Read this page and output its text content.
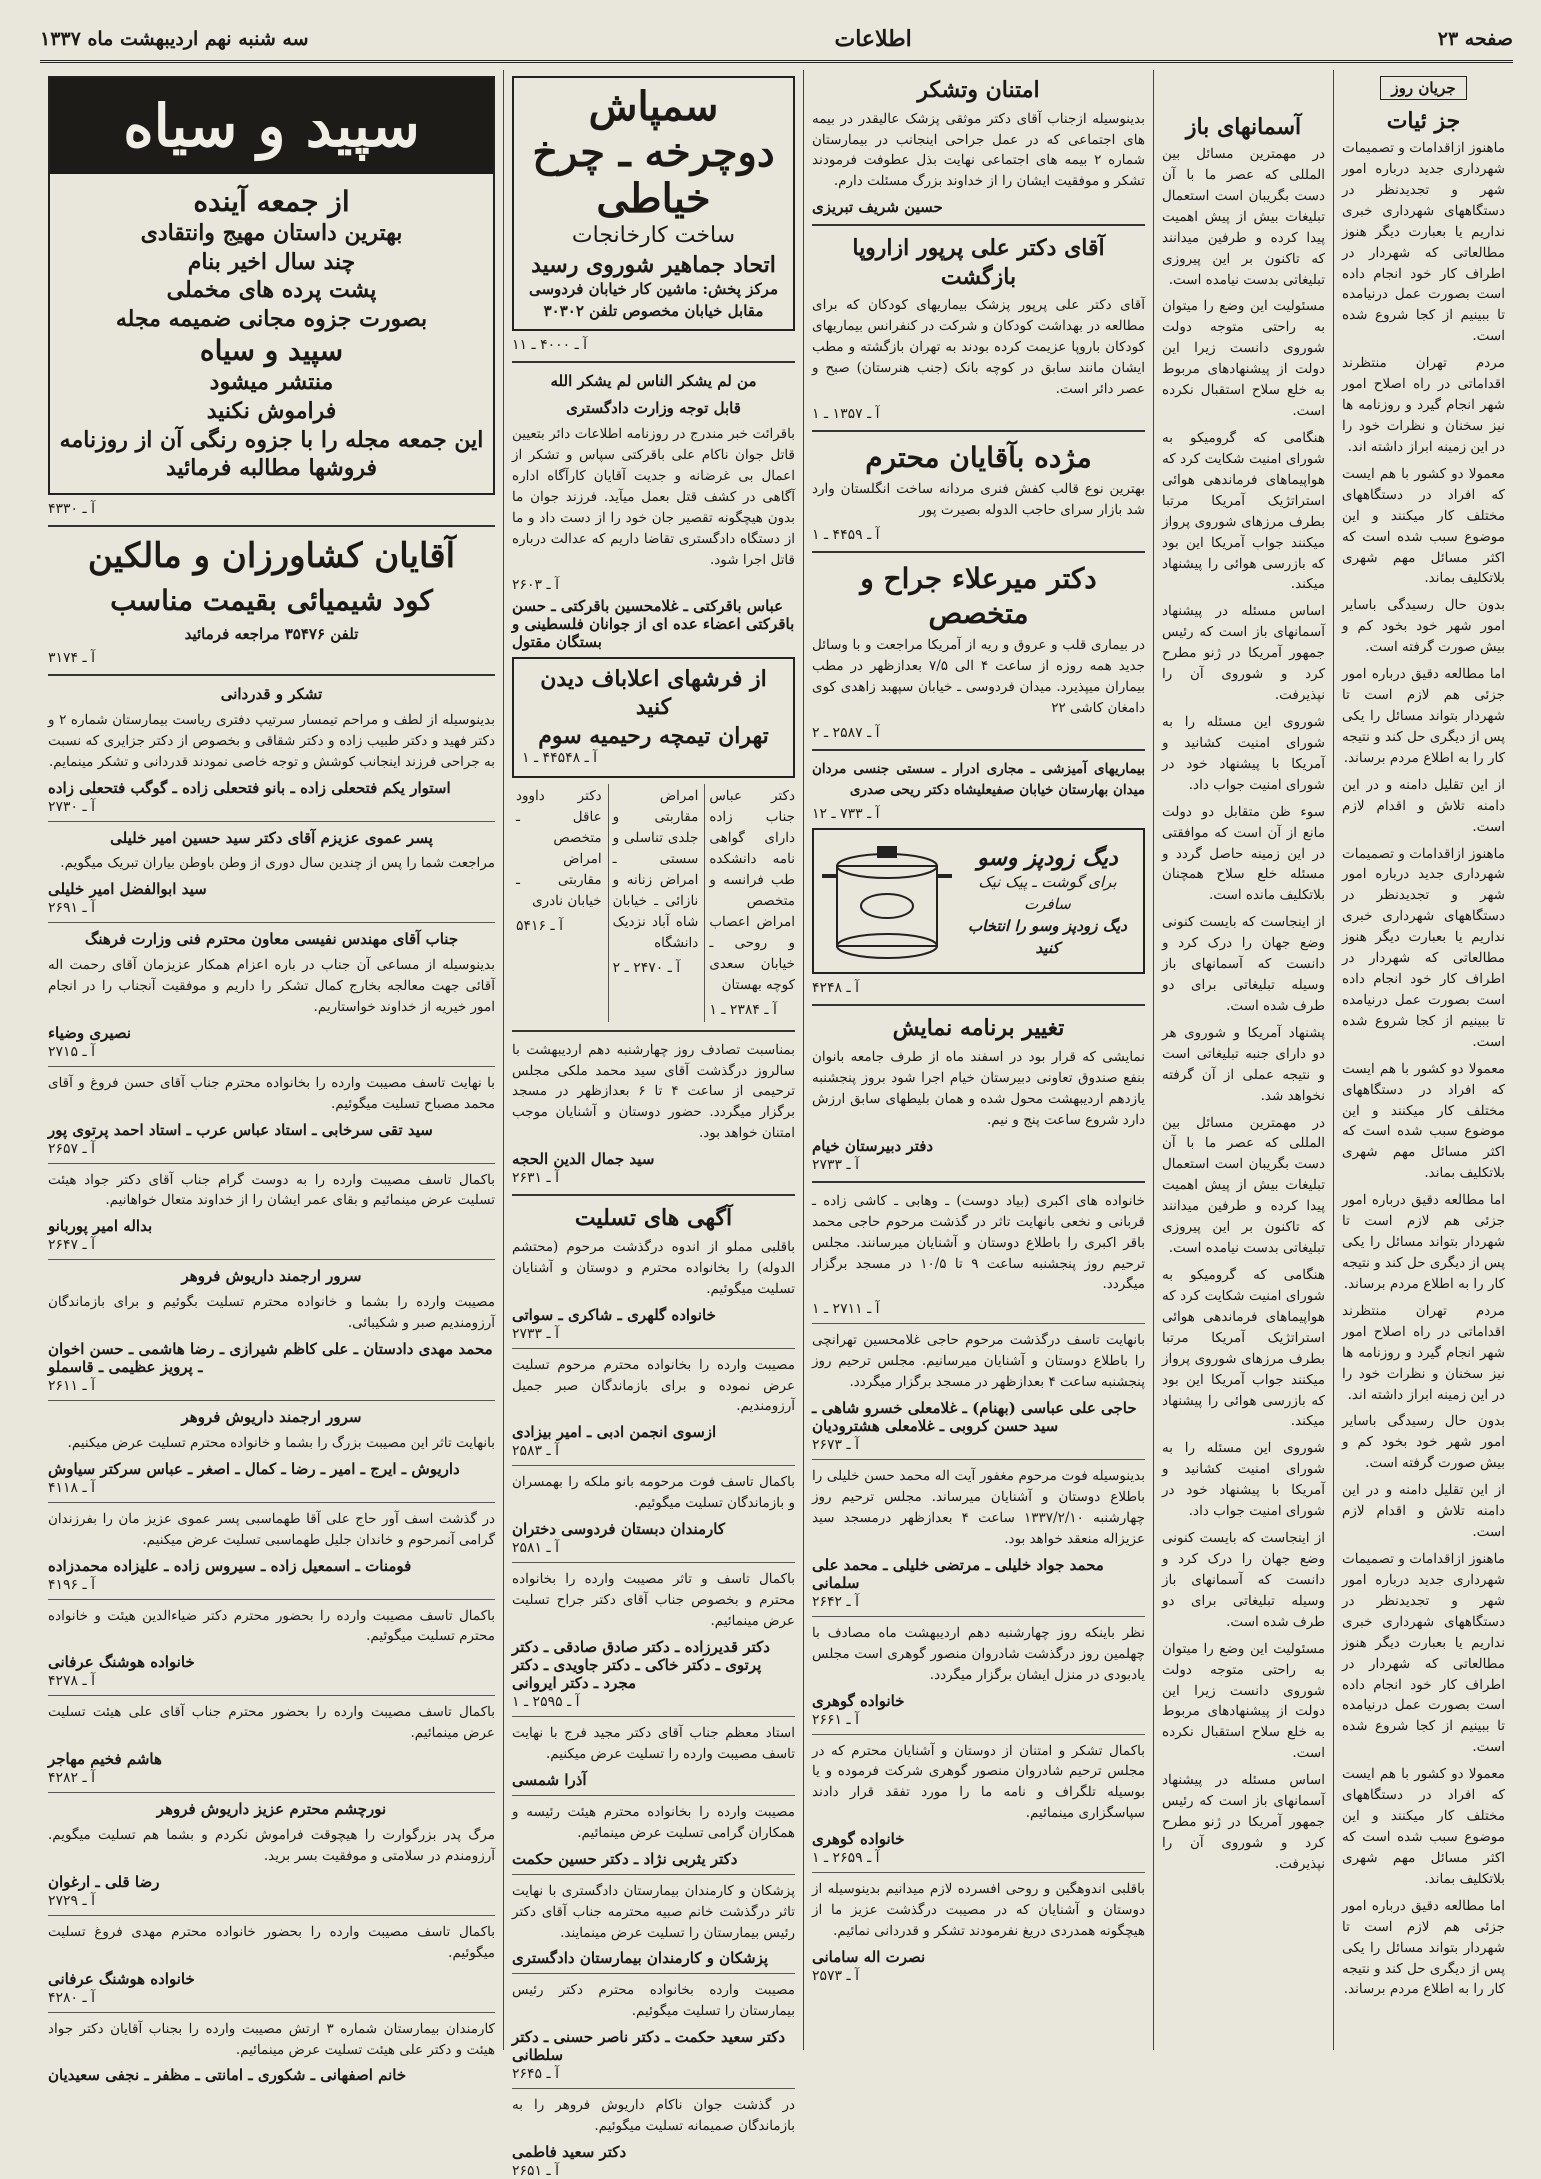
صفحه ۲۳
اطلاعات
سه شنبه نهم اردیبهشت ماه ۱۳۳۷
جریان روز
جز ئیات

ماهنوز ازاقدامات و تصمیمات شهرداری جدید درباره امور شهر و تجدیدنظر در دستگاههای شهرداری خبری نداریم یا بعبارت دیگر هنوز مطالعاتی که شهردار در اطراف کار خود انجام داده است بصورت عمل درنیامده تا ببینیم از کجا شروع شده است.

مردم تهران منتظرند اقداماتی در راه اصلاح امور شهر انجام گیرد و روزنامه ها نیز سخنان و نظرات خود را در این زمینه ابراز داشته اند.

معمولا دو کشور با هم ایست که افراد در دستگاههای مختلف کار میکنند و این موضوع سبب شده است که اکثر مسائل مهم شهری بلاتکلیف بماند.

بدون حال رسیدگی باسایر امور شهر خود بخود کم و بیش صورت گرفته است.

اما مطالعه دقیق درباره امور جزئی هم لازم است تا شهردار بتواند مسائل را یکی پس از دیگری حل کند و نتیجه کار را به اطلاع مردم برساند.

از این تقلیل دامنه و در این دامنه تلاش و اقدام لازم است.

ماهنوز ازاقدامات و تصمیمات شهرداری جدید درباره امور شهر و تجدیدنظر در دستگاههای شهرداری خبری نداریم یا بعبارت دیگر هنوز مطالعاتی که شهردار در اطراف کار خود انجام داده است بصورت عمل درنیامده تا ببینیم از کجا شروع شده است.

معمولا دو کشور با هم ایست که افراد در دستگاههای مختلف کار میکنند و این موضوع سبب شده است که اکثر مسائل مهم شهری بلاتکلیف بماند.

اما مطالعه دقیق درباره امور جزئی هم لازم است تا شهردار بتواند مسائل را یکی پس از دیگری حل کند و نتیجه کار را به اطلاع مردم برساند.

مردم تهران منتظرند اقداماتی در راه اصلاح امور شهر انجام گیرد و روزنامه ها نیز سخنان و نظرات خود را در این زمینه ابراز داشته اند.

بدون حال رسیدگی باسایر امور شهر خود بخود کم و بیش صورت گرفته است.

از این تقلیل دامنه و در این دامنه تلاش و اقدام لازم است.

ماهنوز ازاقدامات و تصمیمات شهرداری جدید درباره امور شهر و تجدیدنظر در دستگاههای شهرداری خبری نداریم یا بعبارت دیگر هنوز مطالعاتی که شهردار در اطراف کار خود انجام داده است بصورت عمل درنیامده تا ببینیم از کجا شروع شده است.

معمولا دو کشور با هم ایست که افراد در دستگاههای مختلف کار میکنند و این موضوع سبب شده است که اکثر مسائل مهم شهری بلاتکلیف بماند.

اما مطالعه دقیق درباره امور جزئی هم لازم است تا شهردار بتواند مسائل را یکی پس از دیگری حل کند و نتیجه کار را به اطلاع مردم برساند.

آسمانهای باز

در مهمترین مسائل بین المللی که عصر ما با آن دست بگریبان است استعمال تبلیغات بیش از پیش اهمیت پیدا کرده و طرفین میدانند که تاکنون بر این پیروزی تبلیغاتی بدست نیامده است.

مسئولیت این وضع را میتوان به راحتی متوجه دولت شوروی دانست زیرا این دولت از پیشنهادهای مربوط به خلع سلاح استقبال نکرده است.

هنگامی که گرومیکو به شورای امنیت شکایت کرد که هواپیماهای فرماندهی هوائی استراتژیک آمریکا مرتبا بطرف مرزهای شوروی پرواز میکنند جواب آمریکا این بود که بازرسی هوائی را پیشنهاد میکند.

اساس مسئله در پیشنهاد آسمانهای باز است که رئیس جمهور آمریکا در ژنو مطرح کرد و شوروی آن را نپذیرفت.

شوروی این مسئله را به شورای امنیت کشانید و آمریکا با پیشنهاد خود در شورای امنیت جواب داد.

سوء ظن متقابل دو دولت مانع از آن است که موافقتی در این زمینه حاصل گردد و مسئله خلع سلاح همچنان بلاتکلیف مانده است.

از اینجاست که بایست کنونی وضع جهان را درک کرد و دانست که آسمانهای باز وسیله تبلیغاتی برای دو طرف شده است.

پشنهاد آمریکا و شوروی هر دو دارای جنبه تبلیغاتی است و نتیجه عملی از آن گرفته نخواهد شد.

در مهمترین مسائل بین المللی که عصر ما با آن دست بگریبان است استعمال تبلیغات بیش از پیش اهمیت پیدا کرده و طرفین میدانند که تاکنون بر این پیروزی تبلیغاتی بدست نیامده است.

هنگامی که گرومیکو به شورای امنیت شکایت کرد که هواپیماهای فرماندهی هوائی استراتژیک آمریکا مرتبا بطرف مرزهای شوروی پرواز میکنند جواب آمریکا این بود که بازرسی هوائی را پیشنهاد میکند.

شوروی این مسئله را به شورای امنیت کشانید و آمریکا با پیشنهاد خود در شورای امنیت جواب داد.

از اینجاست که بایست کنونی وضع جهان را درک کرد و دانست که آسمانهای باز وسیله تبلیغاتی برای دو طرف شده است.

مسئولیت این وضع را میتوان به راحتی متوجه دولت شوروی دانست زیرا این دولت از پیشنهادهای مربوط به خلع سلاح استقبال نکرده است.

اساس مسئله در پیشنهاد آسمانهای باز است که رئیس جمهور آمریکا در ژنو مطرح کرد و شوروی آن را نپذیرفت.

امتنان وتشکر

بدینوسیله ازجناب آقای دکتر موثقی پزشک عالیقدر در بیمه های اجتماعی که در عمل جراحی اینجانب در بیمارستان شماره ۲ بیمه های اجتماعی نهایت بذل عطوفت فرمودند تشکر و موفقیت ایشان را از خداوند بزرگ مسئلت دارم.

حسین شریف تبریزی
آقای دکتر علی پرپور ازاروپا بازگشت

آقای دکتر علی پرپور پزشک بیماریهای کودکان که برای مطالعه در بهداشت کودکان و شرکت در کنفرانس بیماریهای کودکان باروپا عزیمت کرده بودند به تهران بازگشته و مطب ایشان مانند سابق در کوچه بانک (جنب هنرستان) صبح و عصر دائر است.

آ ـ ۱۳۵۷ ـ ۱
مژده بآقایان محترم

بهترین نوع قالب کفش فنری مردانه ساخت انگلستان وارد شد بازار سرای حاجب الدوله بصیرت پور

آ ـ ۴۴۵۹ ـ ۱
دکتر میرعلاء جراح و متخصص

در بیماری قلب و عروق و ریه از آمریکا مراجعت و با وسائل جدید همه روزه از ساعت ۴ الی ۷/۵ بعدازظهر در مطب بیماران میپذیرد. میدان فردوسی ـ خیابان سپهبد زاهدی کوی دامغان کاشی ۲۲

آ ـ ۲۵۸۷ ـ ۲

بیماریهای آمیزشی ـ مجاری ادرار ـ سستی جنسی مردان میدان بهارستان خیابان صفیعلیشاه دکتر ریحی صدری

آ ـ ۷۳۳ ـ ۱۲
دیگ زودپز وسو
برای گوشت ـ پیک نیک
سافرت
دیگ زودپز وسو را انتخاب کنید
آ ـ ۴۲۴۸
تغییر برنامه نمایش

نمایشی که قرار بود در اسفند ماه از طرف جامعه بانوان بنفع صندوق تعاونی دبیرستان خیام اجرا شود بروز پنجشنبه یازدهم اردیبهشت محول شده و همان بلیطهای سابق ارزش دارد شروع ساعت پنج و نیم.

دفتر دبیرستان خیام
آ ـ ۲۷۳۳

خانواده های اکبری (بیاد دوست) ـ وهابی ـ کاشی زاده ـ قربانی و نخعی بانهایت تاثر در گذشت مرحوم حاجی محمد باقر اکبری را باطلاع دوستان و آشنایان میرسانند. مجلس ترحیم روز پنجشنبه ساعت ۹ تا ۱۰/۵ در مسجد برگزار میگردد.

آ ـ ۲۷۱۱ ـ ۱

بانهایت تاسف درگذشت مرحوم حاجی غلامحسین تهرانچی را باطلاع دوستان و آشنایان میرسانیم. مجلس ترحیم روز پنجشنبه ساعت ۴ بعدازظهر در مسجد برگزار میگردد.

حاجی علی عباسی (بهنام) ـ غلامعلی خسرو شاهی ـ سید حسن کروبی ـ غلامعلی هشترودیان
آ ـ ۲۶۷۳

بدینوسیله فوت مرحوم مغفور آیت اله محمد حسن خلیلی را باطلاع دوستان و آشنایان میرساند. مجلس ترحیم روز چهارشنبه ۱۳۳۷/۲/۱۰ ساعت ۴ بعدازظهر درمسجد سید عزیزاله منعقد خواهد بود.

محمد جواد خلیلی ـ مرتضی خلیلی ـ محمد علی سلمانی
آ ـ ۲۶۴۲

نظر باینکه روز چهارشنبه دهم اردیبهشت ماه مصادف با چهلمین روز درگذشت شادروان منصور گوهری است مجلس یادبودی در منزل ایشان برگزار میگردد.

خانواده گوهری
آ ـ ۲۶۶۱

باکمال تشکر و امتنان از دوستان و آشنایان محترم که در مجلس ترحیم شادروان منصور گوهری شرکت فرموده و یا بوسیله تلگراف و نامه ما را مورد تفقد قرار دادند سپاسگزاری مینمائیم.

خانواده گوهری
آ ـ ۲۶۵۹ ـ ۱

باقلبی اندوهگین و روحی افسرده لازم میدانیم بدینوسیله از دوستان و آشنایان که در مصیبت درگذشت عزیز ما از هیچگونه همدردی دریغ نفرمودند تشکر و قدردانی نمائیم.

نصرت اله سامانی
آ ـ ۲۵۷۳
سمپاش
دوچرخه ـ چرخ خیاطی
ساخت کارخانجات
اتحاد جماهیر شوروی رسید
مرکز پخش: ماشین کار خیابان فردوسی مقابل خیابان مخصوص تلفن ۳۰۳۰۲
آ ـ ۴۰۰۰ ـ ۱۱
من لم یشکر الناس لم یشکر الله
قابل توجه وزارت دادگستری

باقرائت خبر مندرج در روزنامه اطلاعات دائر بتعیین قاتل جوان ناکام علی باقرکتی سپاس و تشکر از اعمال بی غرضانه و جدیت آقایان کارآگاه اداره آگاهی در کشف قتل بعمل میآید. فرزند جوان ما بدون هیچگونه تقصیر جان خود را از دست داد و ما از دستگاه دادگستری تقاضا داریم که عدالت درباره قاتل اجرا شود.

آ ـ ۲۶۰۳
عباس باقرکتی ـ غلامحسین باقرکتی ـ حسن باقرکتی اعضاء عده ای از جوانان فلسطینی و بستگان مقتول
از فرشهای اعلاباف دیدن کنید
تهران تیمچه رحیمیه سوم
آ ـ ۴۴۵۴۸ ـ ۱

دکتر عباس جناب زاده دارای گواهی نامه دانشکده طب فرانسه و متخصص امراض اعصاب و روحی ـ خیابان سعدی کوچه بهستان

آ ـ ۲۳۸۴ ـ ۱

امراض مقاربتی و جلدی تناسلی و سستی ـ امراض زنانه و نازائی ـ خیابان شاه آباد نزدیک دانشگاه

آ ـ ۲۴۷۰ ـ ۲

دکتر داوود عاقل ـ متخصص امراض مقاربتی ـ خیابان نادری

آ ـ ۵۴۱۶

بمناسبت تصادف روز چهارشنبه دهم اردیبهشت با سالروز درگذشت آقای سید محمد ملکی مجلس ترحیمی از ساعت ۴ تا ۶ بعدازظهر در مسجد برگزار میگردد. حضور دوستان و آشنایان موجب امتنان خواهد بود.

سید جمال الدین الحجه
آ ـ ۲۶۳۱
آگهی های تسلیت

باقلبی مملو از اندوه درگذشت مرحوم (محتشم الدوله) را بخانواده محترم و دوستان و آشنایان تسلیت میگوئیم.

خانواده گلهری ـ شاکری ـ سواتی
آ ـ ۲۷۳۳

مصیبت وارده را بخانواده محترم مرحوم تسلیت عرض نموده و برای بازماندگان صبر جمیل آرزومندیم.

ازسوی انجمن ادبی ـ امیر بیزادی
آ ـ ۲۵۸۳

باکمال تاسف فوت مرحومه بانو ملکه را بهمسران و بازماندگان تسلیت میگوئیم.

کارمندان دبستان فردوسی دختران
آ ـ ۲۵۸۱

باکمال تاسف و تاثر مصیبت وارده را بخانواده محترم و بخصوص جناب آقای دکتر جراح تسلیت عرض مینمائیم.

دکتر قدیرزاده ـ دکتر صادق صادقی ـ دکتر پرتوی ـ دکتر خاکی ـ دکتر جاویدی ـ دکتر مجرد ـ دکتر ایروانی
آ ـ ۲۵۹۵ ـ ۱

استاد معظم جناب آقای دکتر مجید فرج با نهایت تاسف مصیبت وارده را تسلیت عرض میکنیم.

آذرا شمسی

مصیبت وارده را بخانواده محترم هیئت رئیسه و همکاران گرامی تسلیت عرض مینمائیم.

دکتر یثربی نژاد ـ دکتر حسین حکمت

پزشکان و کارمندان بیمارستان دادگستری با نهایت تاثر درگذشت خانم صبیه محترمه جناب آقای دکتر رئیس بیمارستان را تسلیت عرض مینمایند.

پزشکان و کارمندان بیمارستان دادگستری

مصیبت وارده بخانواده محترم دکتر رئیس بیمارستان را تسلیت میگوئیم.

دکتر سعید حکمت ـ دکتر ناصر حسنی ـ دکتر سلطانی
آ ـ ۲۶۴۵

در گذشت جوان ناکام داریوش فروهر را به بازماندگان صمیمانه تسلیت میگوئیم.

دکتر سعید فاطمی
آ ـ ۲۶۵۱
سپید و سیاه
از جمعه آینده
بهترین داستان مهیج وانتقادی
چند سال اخیر بنام
پشت پرده های مخملی
بصورت جزوه مجانی ضمیمه مجله
سپید و سیاه
منتشر میشود
فراموش نکنید
این جمعه مجله را با جزوه رنگی آن از روزنامه فروشها مطالبه فرمائید
آ ـ ۴۳۳۰
آقایان کشاورزان و مالکین
کود شیمیائی بقیمت مناسب
تلفن ۳۵۴۷۶ مراجعه فرمائید
آ ـ ۳۱۷۴
تشکر و قدردانی

بدینوسیله از لطف و مراحم تیمسار سرتیپ دفتری ریاست بیمارستان شماره ۲ و دکتر فهید و دکتر طبیب زاده و دکتر شقاقی و بخصوص از دکتر جزایری که نسبت به جراحی فرزند اینجانب کوشش و توجه خاصی نمودند قدردانی و تشکر مینمایم.

استوار یکم فتحعلی زاده ـ بانو فتحعلی زاده ـ گوگب فتحعلی زاده
آ ـ ۲۷۳۰
پسر عموی عزیزم آقای دکتر سید حسین امیر خلیلی

مراجعت شما را پس از چندین سال دوری از وطن باوطن بیاران تبریک میگویم.

سید ابوالفضل امیر خلیلی
آ ـ ۲۶۹۱
جناب آقای مهندس نفیسی معاون محترم فنی وزارت فرهنگ

بدینوسیله از مساعی آن جناب در باره اعزام همکار عزیزمان آقای رحمت اله آقائی جهت معالجه بخارج کمال تشکر را داریم و موفقیت آنجناب را در انجام امور خیریه از خداوند خواستاریم.

نصیری وضیاء
آ ـ ۲۷۱۵

با نهایت تاسف مصیبت وارده را بخانواده محترم جناب آقای حسن فروغ و آقای محمد مصباح تسلیت میگوئیم.

سید تقی سرخابی ـ استاد عباس عرب ـ استاد احمد پرتوی پور
آ ـ ۲۶۵۷

باکمال تاسف مصیبت وارده را به دوست گرام جناب آقای دکتر جواد هیئت تسلیت عرض مینمائیم و بقای عمر ایشان را از خداوند متعال خواهانیم.

بداله امیر پوربانو
آ ـ ۲۶۴۷
سرور ارجمند داریوش فروهر

مصیبت وارده را بشما و خانواده محترم تسلیت بگوئیم و برای بازماندگان آرزومندیم صبر و شکیبائی.

محمد مهدی دادستان ـ علی کاظم شیرازی ـ رضا هاشمی ـ حسن اخوان ـ پرویز عظیمی ـ قاسملو
آ ـ ۲۶۱۱
سرور ارجمند داریوش فروهر

بانهایت تاثر این مصیبت بزرگ را بشما و خانواده محترم تسلیت عرض میکنیم.

داریوش ـ ایرج ـ امیر ـ رضا ـ کمال ـ اصغر ـ عباس سرکتر سیاوش
آ ـ ۴۱۱۸

در گذشت اسف آور حاج علی آقا طهماسبی پسر عموی عزیز مان را بفرزندان گرامی آنمرحوم و خاندان جلیل طهماسبی تسلیت عرض میکنیم.

فومنات ـ اسمعیل زاده ـ سیروس زاده ـ علیزاده محمدزاده
آ ـ ۴۱۹۶

باکمال تاسف مصیبت وارده را بحضور محترم دکتر ضیاءالدین هیئت و خانواده محترم تسلیت میگوئیم.

خانواده هوشنگ عرفانی
آ ـ ۴۲۷۸

باکمال تاسف مصیبت وارده را بحضور محترم جناب آقای علی هیئت تسلیت عرض مینمائیم.

هاشم فخیم مهاجر
آ ـ ۴۲۸۲
نورچشم محترم عزیز داریوش فروهر

مرگ پدر بزرگوارت را هیچوقت فراموش نکردم و بشما هم تسلیت میگویم. آرزومندم در سلامتی و موفقیت بسر برید.

رضا قلی ـ ارغوان
آ ـ ۲۷۲۹

باکمال تاسف مصیبت وارده را بحضور خانواده محترم مهدی فروغ تسلیت میگوئیم.

خانواده هوشنگ عرفانی
آ ـ ۴۲۸۰

کارمندان بیمارستان شماره ۳ ارتش مصیبت وارده را بجناب آقایان دکتر جواد هیئت و دکتر علی هیئت تسلیت عرض مینمائیم.

خانم اصفهانی ـ شکوری ـ امانتی ـ مظفر ـ نجفی سعیدیان
